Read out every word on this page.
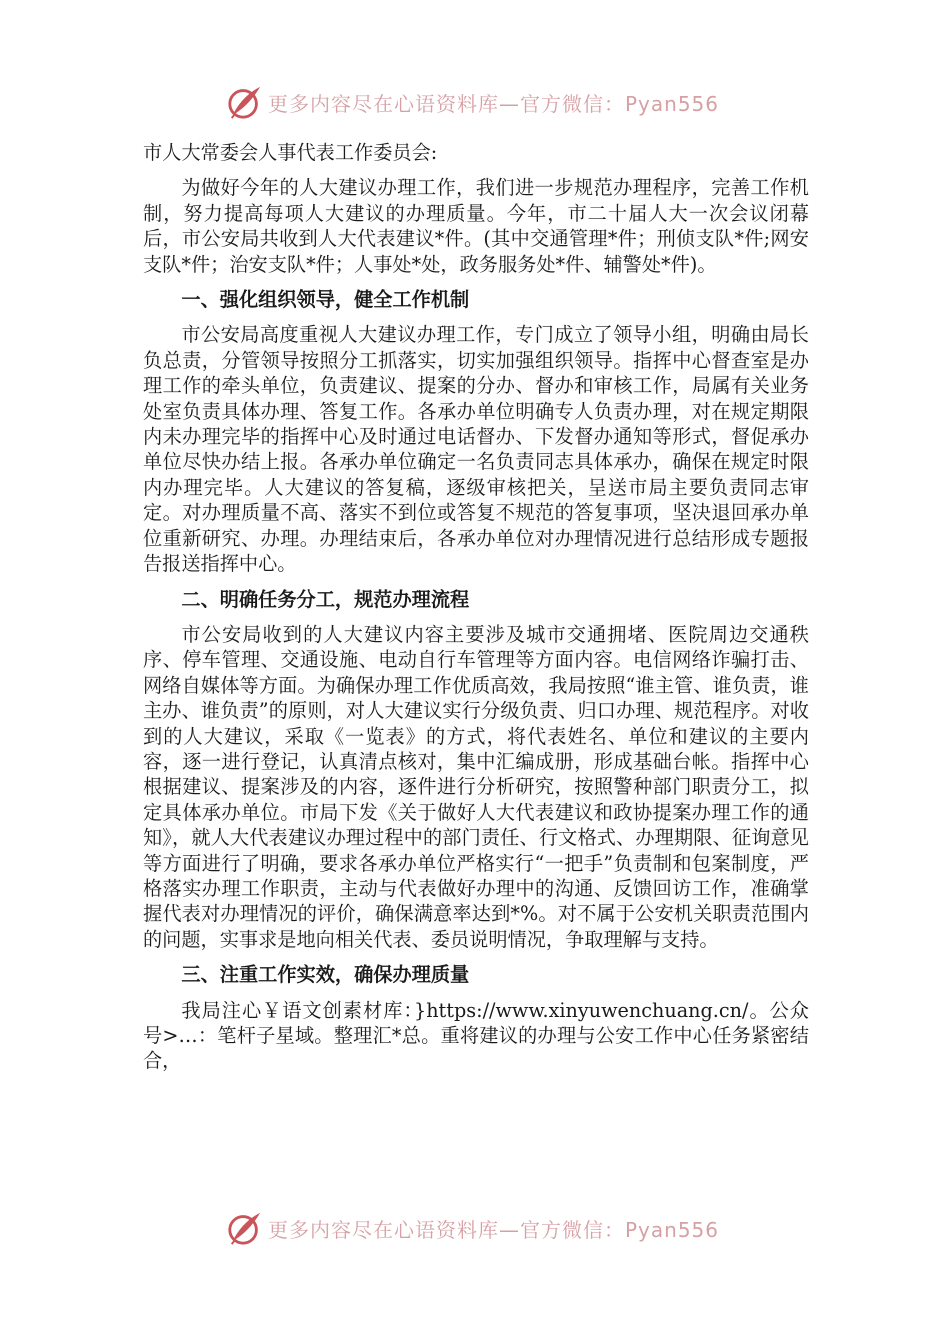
更多内容尽在心语资料库—官方微信：Pyan556

市人大常委会人事代表工作委员会:

为做好今年的人大建议办理工作，我们进一步规范办理程序，完善工作机制，努力提高每项人大建议的办理质量。今年，市二十届人大一次会议闭幕后，市公安局共收到人大代表建议*件。(其中交通管理*件；刑侦支队*件;网安支队*件；治安支队*件；人事处*处，政务服务处*件、辅警处*件)。

一、强化组织领导，健全工作机制

市公安局高度重视人大建议办理工作，专门成立了领导小组，明确由局长负总责，分管领导按照分工抓落实，切实加强组织领导。指挥中心督查室是办理工作的牵头单位，负责建议、提案的分办、督办和审核工作，局属有关业务处室负责具体办理、答复工作。各承办单位明确专人负责办理，对在规定期限内未办理完毕的指挥中心及时通过电话督办、下发督办通知等形式，督促承办单位尽快办结上报。各承办单位确定一名负责同志具体承办，确保在规定时限内办理完毕。人大建议的答复稿，逐级审核把关，呈送市局主要负责同志审定。对办理质量不高、落实不到位或答复不规范的答复事项，坚决退回承办单位重新研究、办理。办理结束后，各承办单位对办理情况进行总结形成专题报告报送指挥中心。

二、明确任务分工，规范办理流程

市公安局收到的人大建议内容主要涉及城市交通拥堵、医院周边交通秩序、停车管理、交通设施、电动自行车管理等方面内容。电信网络诈骗打击、网络自媒体等方面。为确保办理工作优质高效，我局按照“谁主管、谁负责，谁主办、谁负责”的原则，对人大建议实行分级负责、归口办理、规范程序。对收到的人大建议，采取《一览表》的方式，将代表姓名、单位和建议的主要内容，逐一进行登记，认真清点核对，集中汇编成册，形成基础台帐。指挥中心根据建议、提案涉及的内容，逐件进行分析研究，按照警种部门职责分工，拟定具体承办单位。市局下发《关于做好人大代表建议和政协提案办理工作的通知》，就人大代表建议办理过程中的部门责任、行文格式、办理期限、征询意见等方面进行了明确，要求各承办单位严格实行“一把手”负责制和包案制度，严格落实办理工作职责，主动与代表做好办理中的沟通、反馈回访工作，准确掌握代表对办理情况的评价，确保满意率达到*%。对不属于公安机关职责范围内的问题，实事求是地向相关代表、委员说明情况，争取理解与支持。

三、注重工作实效，确保办理质量

我局注心￥语文创素材库：}https://www.xinyuwenchuang.cn/。公众号>…：笔杆子星域。整理汇*总。重将建议的办理与公安工作中心任务紧密结合，

更多内容尽在心语资料库—官方微信：Pyan556
